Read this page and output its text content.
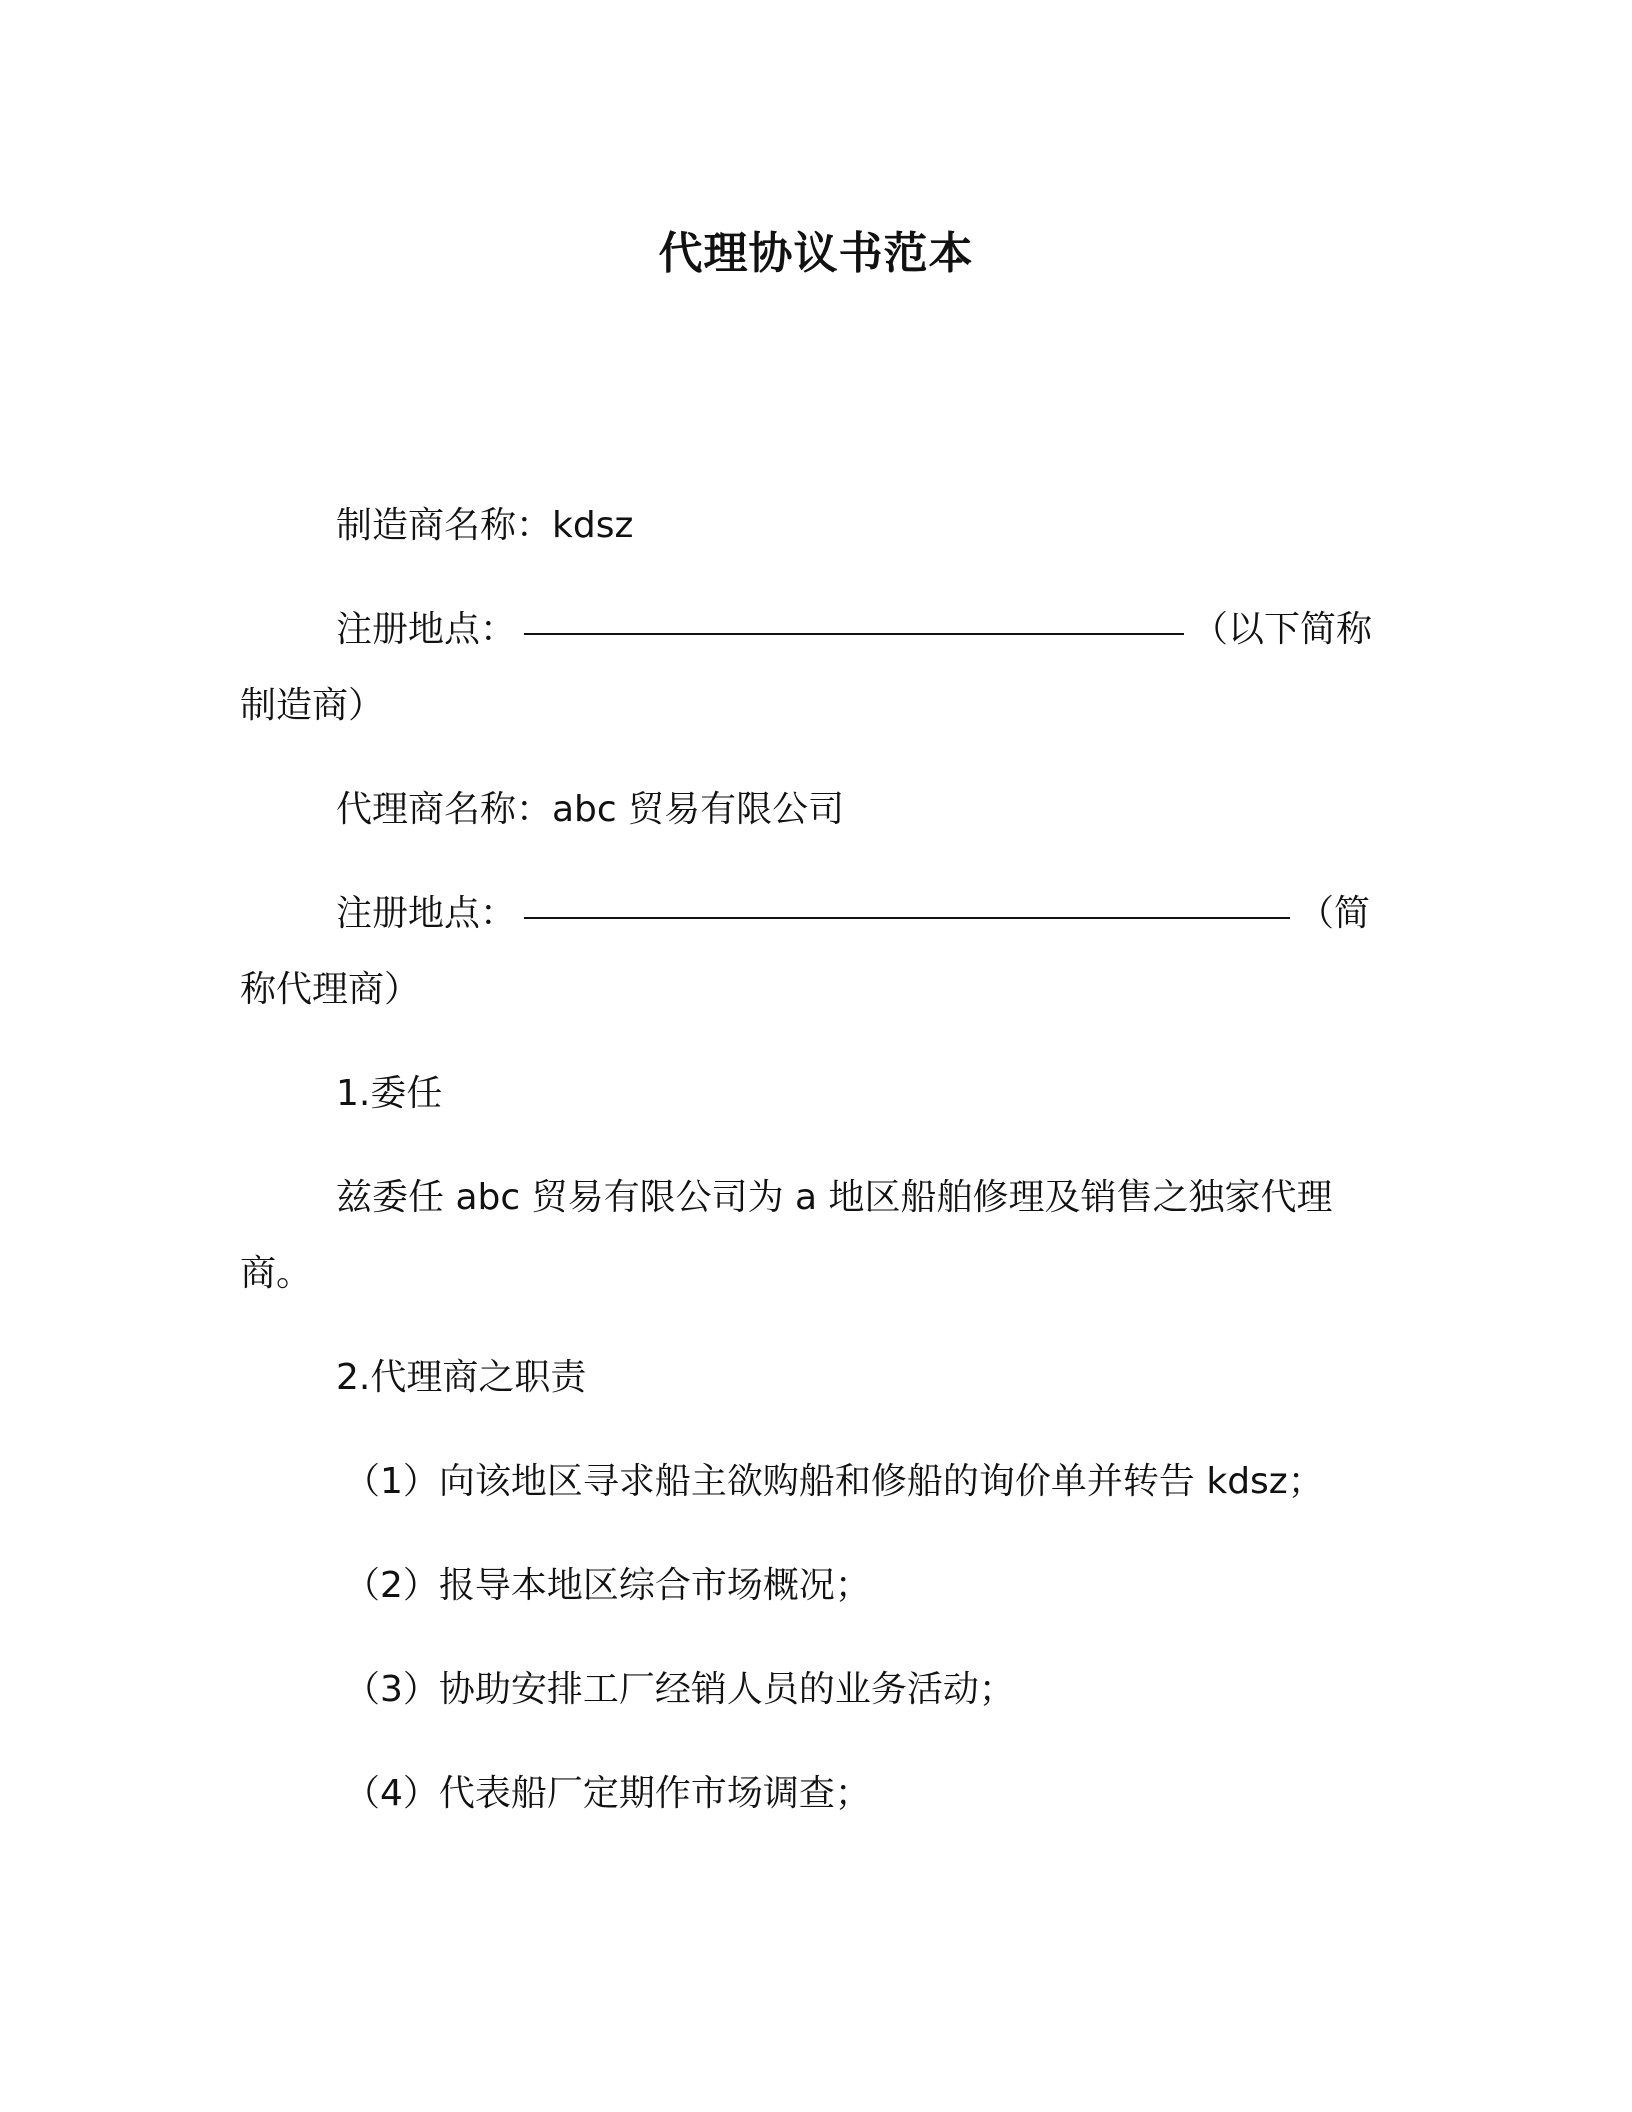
代理协议书范本

制造商名称：kdsz

注册地点：	（以下简称制造商）

代理商名称：abc 贸易有限公司

注册地点：	（简称代理商）

1.委任

兹委任 abc 贸易有限公司为 a 地区船舶修理及销售之独家代理商。

2.代理商之职责

（1）向该地区寻求船主欲购船和修船的询价单并转告 kdsz；

（2）报导本地区综合市场概况；

（3）协助安排工厂经销人员的业务活动；

（4）代表船厂定期作市场调查；
